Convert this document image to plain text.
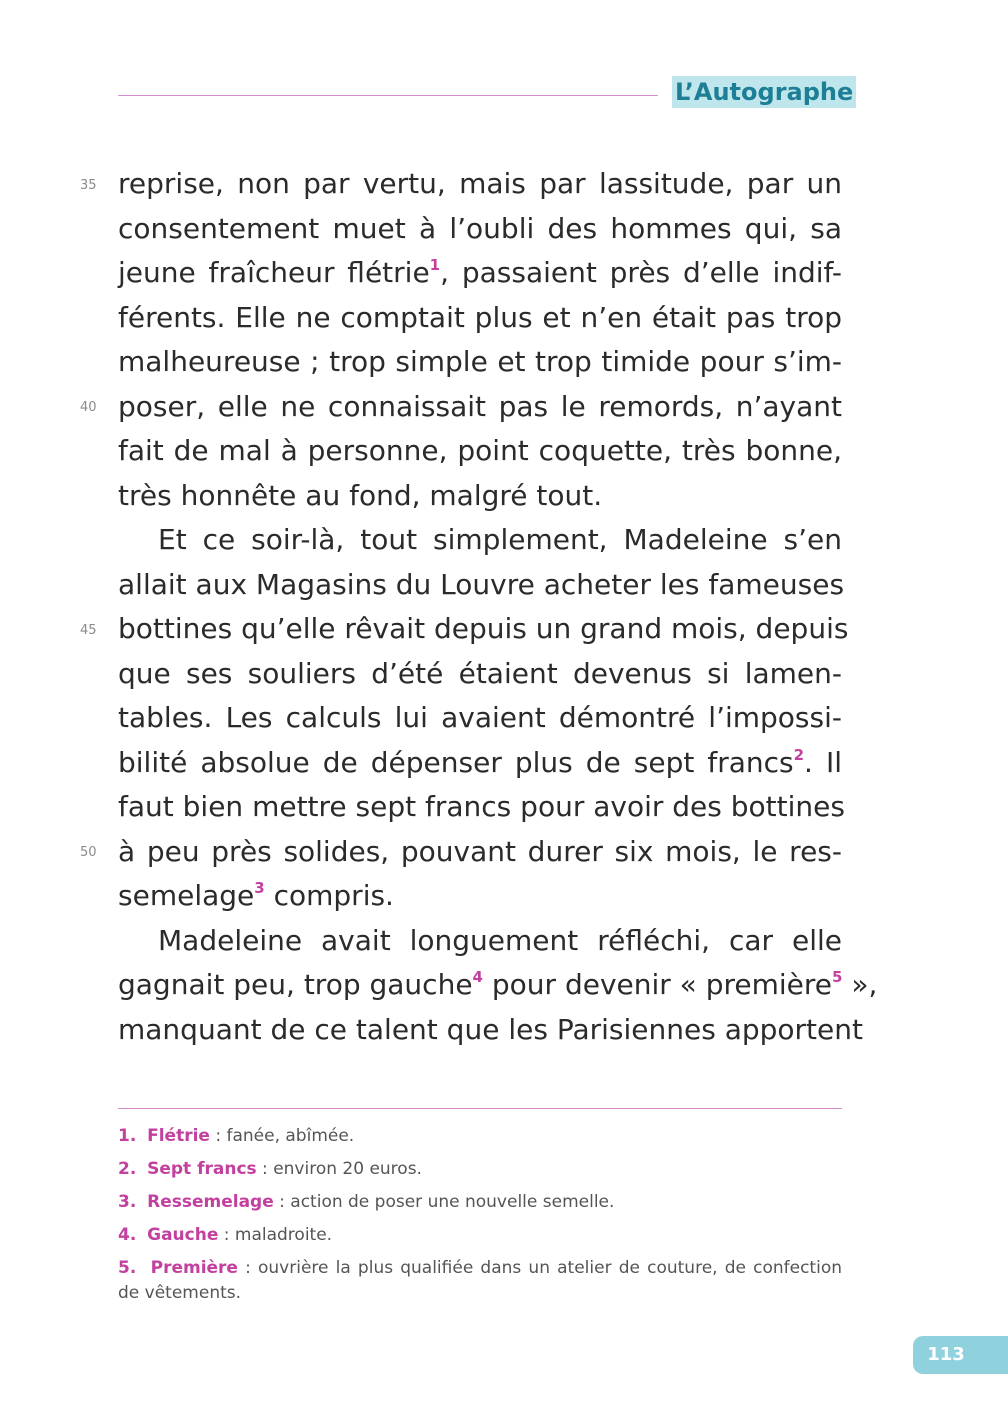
L’Autographe
35
40
45
50
reprise, non par vertu, mais par lassitude, par un
consentement muet à l’oubli des hommes qui, sa
jeune fraîcheur flétrie$^1$, passaient près d’elle indif-
férents. Elle ne comptait plus et n’en était pas trop
malheureuse ; trop simple et trop timide pour s’im-
poser, elle ne connaissait pas le remords, n’ayant
fait de mal à personne, point coquette, très bonne,
très honnête au fond, malgré tout.
Et ce soir-là, tout simplement, Madeleine s’en
allait aux Magasins du Louvre acheter les fameuses
bottines qu’elle rêvait depuis un grand mois, depuis
que ses souliers d’été étaient devenus si lamen-
tables. Les calculs lui avaient démontré l’impossi-
bilité absolue de dépenser plus de sept francs$^2$. Il
faut bien mettre sept francs pour avoir des bottines
à peu près solides, pouvant durer six mois, le res-
semelage$^3$ compris.
Madeleine avait longuement réfléchi, car elle
gagnait peu, trop gauche$^4$ pour devenir « première$^5$ »,
manquant de ce talent que les Parisiennes apportent
1. Flétrie : fanée, abîmée.
2. Sept francs : environ 20 euros.
3. Ressemelage : action de poser une nouvelle semelle.
4. Gauche : maladroite.
5. Première : ouvrière la plus qualifiée dans un atelier de couture, de confection de vêtements.
113
